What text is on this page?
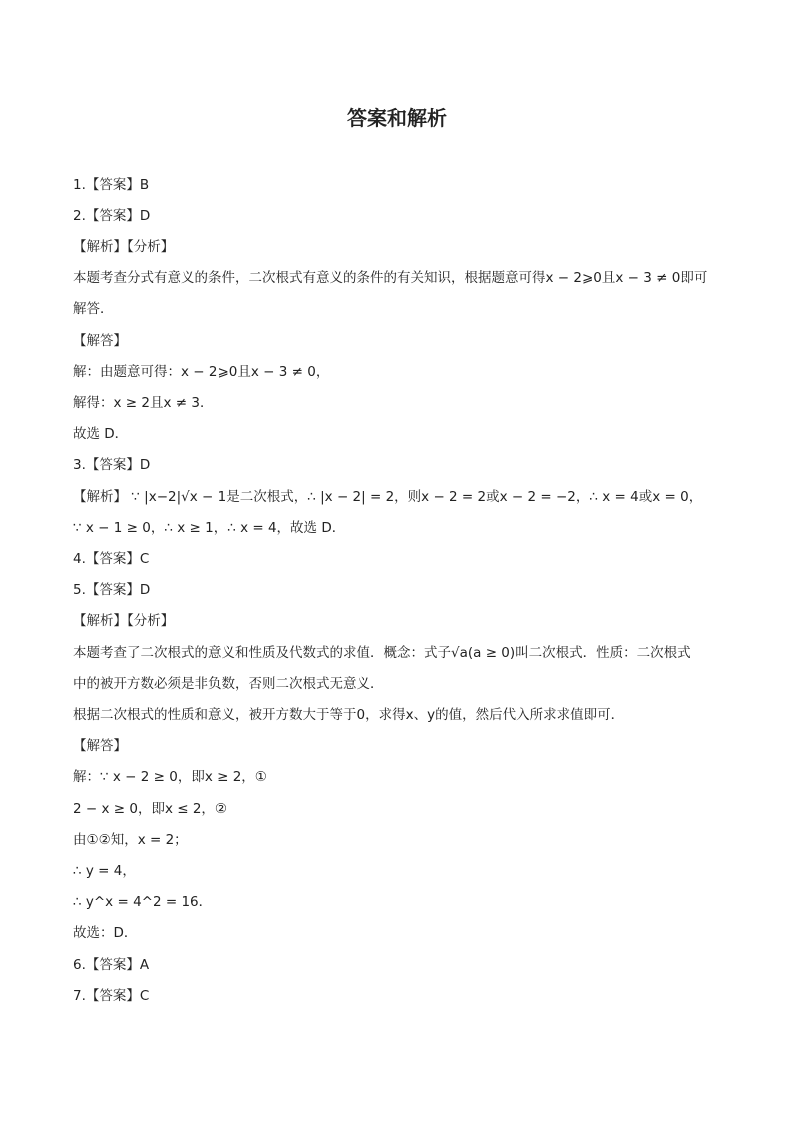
答案和解析
1.【答案】B
2.【答案】D
【解析】【分析】
本题考查分式有意义的条件，二次根式有意义的条件的有关知识，根据题意可得x − 2⩾0且x − 3 ≠ 0即可
解答．
【解答】
解：由题意可得：x − 2⩾0且x − 3 ≠ 0，
解得：x ≥ 2且x ≠ 3．
故选 D．
3.【答案】D
【解析】 ∵ |x−2|√x − 1是二次根式，∴ |x − 2| = 2，则x − 2 = 2或x − 2 = −2，∴ x = 4或x = 0，
∵ x − 1 ≥ 0，∴ x ≥ 1，∴ x = 4，故选 D．
4.【答案】C
5.【答案】D
【解析】【分析】
本题考查了二次根式的意义和性质及代数式的求值．概念：式子√a(a ≥ 0)叫二次根式．性质：二次根式
中的被开方数必须是非负数，否则二次根式无意义．
根据二次根式的性质和意义，被开方数大于等于0，求得x、y的值，然后代入所求求值即可．
【解答】
解：∵ x − 2 ≥ 0，即x ≥ 2，①
2 − x ≥ 0，即x ≤ 2，②
由①②知，x = 2；
∴ y = 4，
∴ y^x = 4^2 = 16．
故选：D．
6.【答案】A
7.【答案】C
